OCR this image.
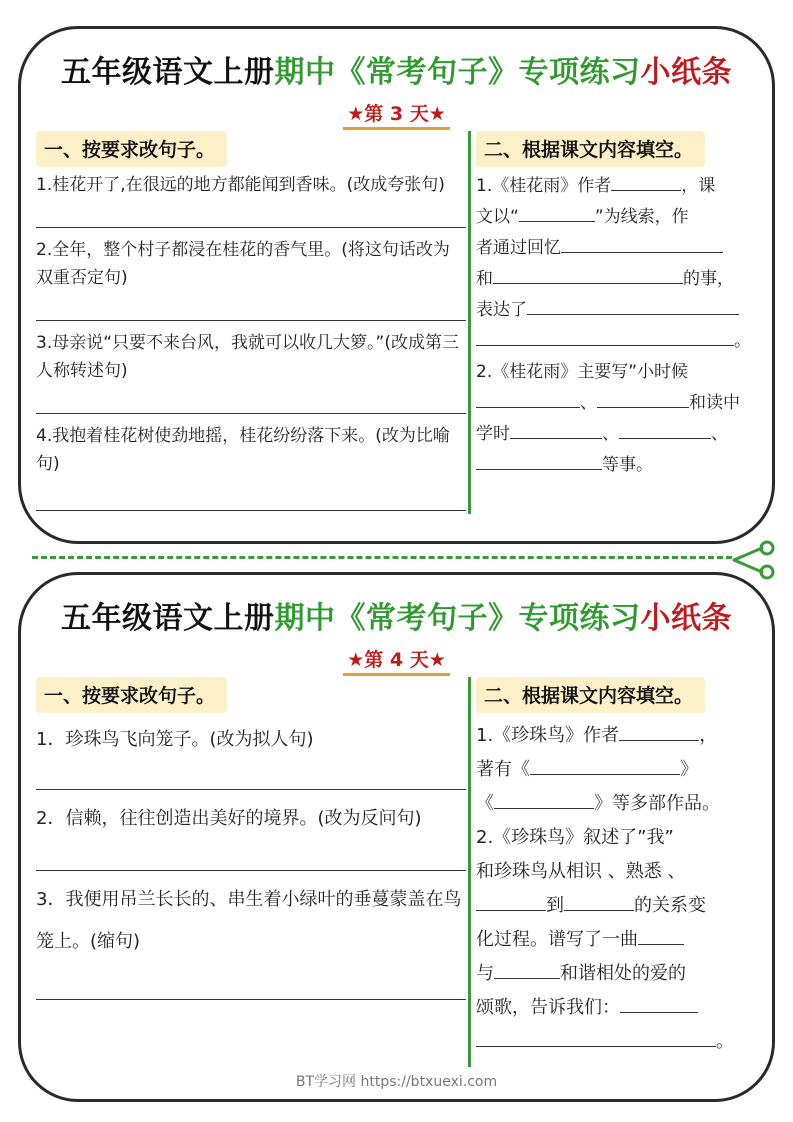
五年级语文上册期中《常考句子》专项练习小纸条
★第 3 天★
一、按要求改句子。
1.桂花开了,在很远的地方都能闻到香味。(改成夸张句)
2.全年，整个村子都浸在桂花的香气里。(将这句话改为双重否定句)
3.母亲说“只要不来台风，我就可以收几大箩。”(改成第三人称转述句)
4.我抱着桂花树使劲地摇，桂花纷纷落下来。(改为比喻句)
二、根据课文内容填空。
1.《桂花雨》作者	，课
文以“	”为线索，作
者通过回忆
和	的事，
表达了
。
2.《桂花雨》主要写”小时候
、	和读中
学时	、	、
等事。
五年级语文上册期中《常考句子》专项练习小纸条
★第 4 天★
一、按要求改句子。
1．珍珠鸟飞向笼子。(改为拟人句)
2．信赖，往往创造出美好的境界。(改为反问句)
3．我便用吊兰长长的、串生着小绿叶的垂蔓蒙盖在鸟笼上。(缩句)
二、根据课文内容填空。
1.《珍珠鸟》作者	，
著有《	》
《	》等多部作品。
2.《珍珠鸟》叙述了”我”
和珍珠鸟从相识 、熟悉 、
到	的关系变
化过程。谱写了一曲
与	和谐相处的爱的
颂歌，告诉我们：
。
BT学习网 https://btxuexi.com
